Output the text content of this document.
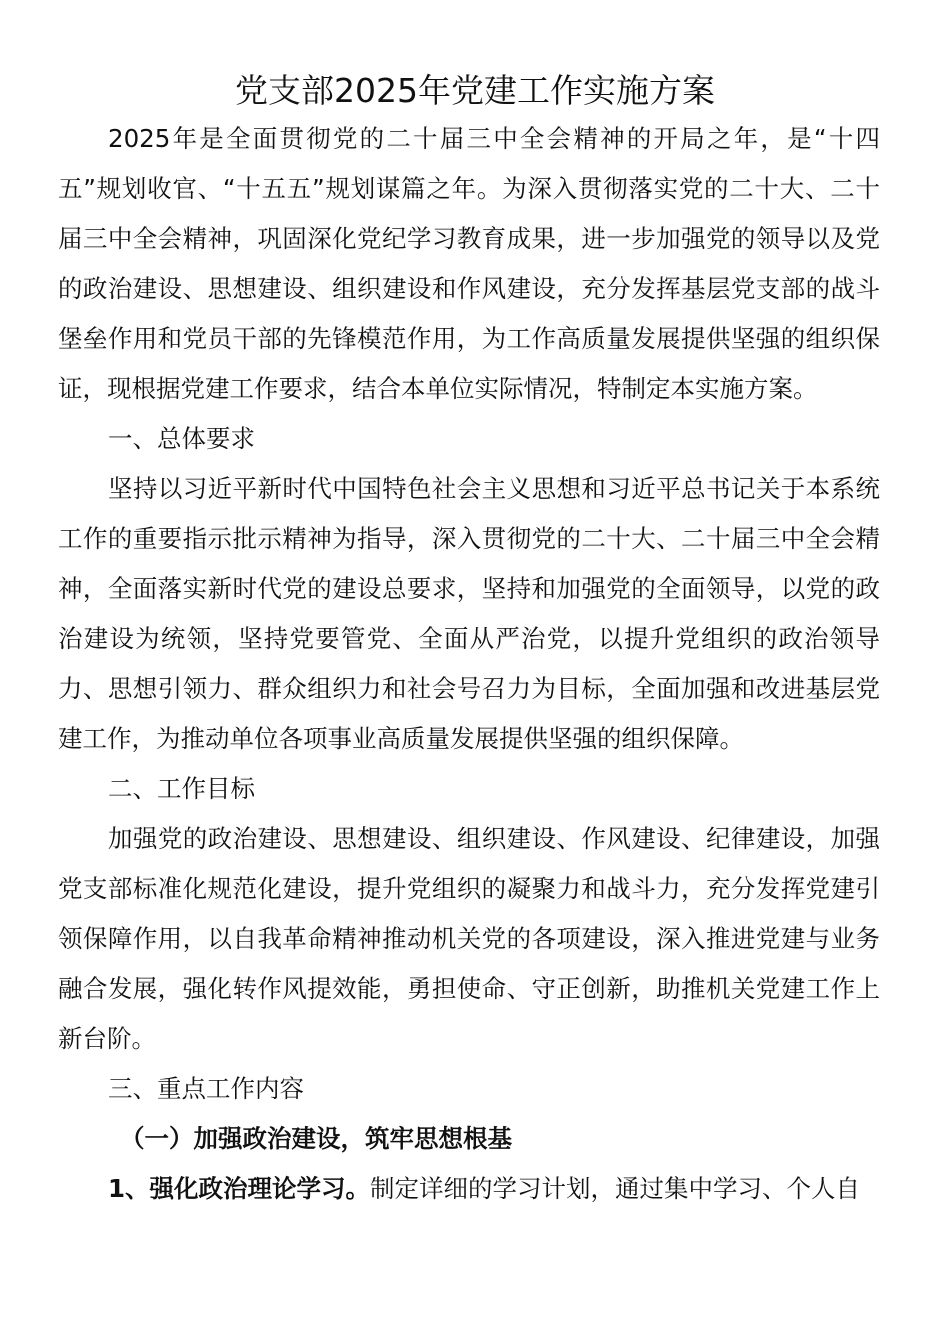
党支部2025年党建工作实施方案

2025年是全面贯彻党的二十届三中全会精神的开局之年，是“十四五”规划收官、“十五五”规划谋篇之年。为深入贯彻落实党的二十大、二十届三中全会精神，巩固深化党纪学习教育成果，进一步加强党的领导以及党的政治建设、思想建设、组织建设和作风建设，充分发挥基层党支部的战斗堡垒作用和党员干部的先锋模范作用，为工作高质量发展提供坚强的组织保证，现根据党建工作要求，结合本单位实际情况，特制定本实施方案。

一、总体要求

坚持以习近平新时代中国特色社会主义思想和习近平总书记关于本系统工作的重要指示批示精神为指导，深入贯彻党的二十大、二十届三中全会精神，全面落实新时代党的建设总要求，坚持和加强党的全面领导，以党的政治建设为统领，坚持党要管党、全面从严治党，以提升党组织的政治领导力、思想引领力、群众组织力和社会号召力为目标，全面加强和改进基层党建工作，为推动单位各项事业高质量发展提供坚强的组织保障。

二、工作目标

加强党的政治建设、思想建设、组织建设、作风建设、纪律建设，加强党支部标准化规范化建设，提升党组织的凝聚力和战斗力，充分发挥党建引领保障作用，以自我革命精神推动机关党的各项建设，深入推进党建与业务融合发展，强化转作风提效能，勇担使命、守正创新，助推机关党建工作上新台阶。

三、重点工作内容

（一）加强政治建设，筑牢思想根基

1、强化政治理论学习。制定详细的学习计划，通过集中学习、个人自
